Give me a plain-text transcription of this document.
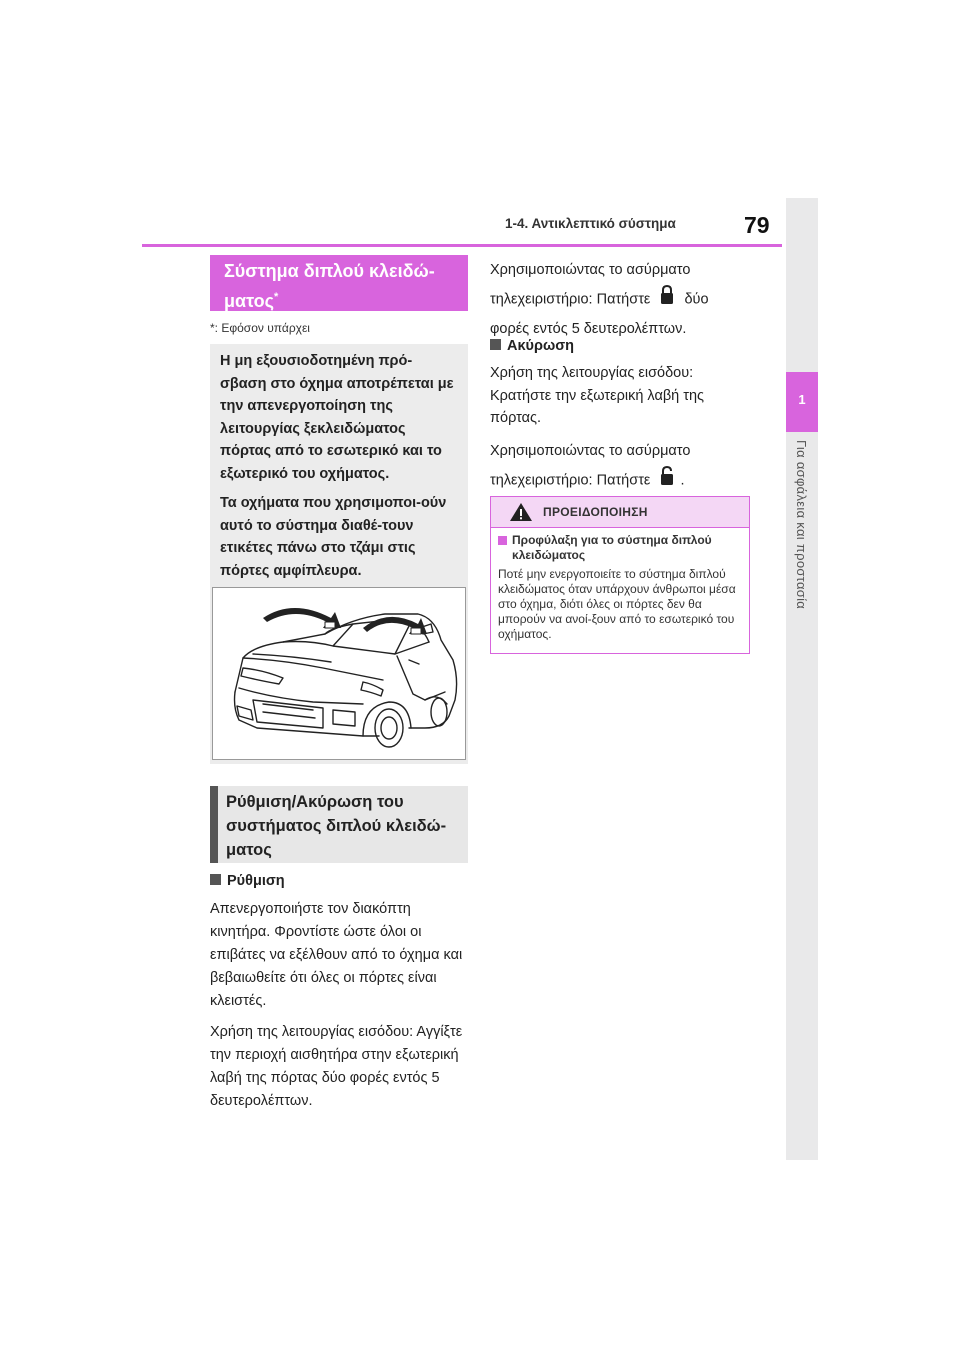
1-4. Αντικλεπτικό σύστημα	79
1
Για ασφάλεια και προστασία
Σύστημα διπλού κλειδώ-
ματος*
*: Εφόσον υπάρχει

Η μη εξουσιοδοτημένη πρό-σβαση στο όχημα αποτρέπεται με την απενεργοποίηση της λειτουργίας ξεκλειδώματος πόρτας από το εσωτερικό και το εξωτερικό του οχήματος.

Τα οχήματα που χρησιμοποι-ούν αυτό το σύστημα διαθέ-τουν ετικέτες πάνω στο τζάμι στις πόρτες αμφίπλευρα.

Ρύθμιση/Ακύρωση του συστήματος διπλού κλειδώ-ματος
Ρύθμιση

Απενεργοποιήστε τον διακόπτη κινητήρα. Φροντίστε ώστε όλοι οι επιβάτες να εξέλθουν από το όχημα και βεβαιωθείτε ότι όλες οι πόρτες είναι κλειστές.

Χρήση της λειτουργίας εισόδου: Αγγίξτε την περιοχή αισθητήρα στην εξωτερική λαβή της πόρτας δύο φορές εντός 5 δευτερολέπτων.

Χρησιμοποιώντας το ασύρματο τηλεχειριστήριο: Πατήστε δύο φορές εντός 5 δευτερολέπτων.
Ακύρωση

Χρήση της λειτουργίας εισόδου: Κρατήστε την εξωτερική λαβή της πόρτας.

Χρησιμοποιώντας το ασύρματο τηλεχειριστήριο: Πατήστε .

ΠΡΟΕΙΔΟΠΟΙΗΣΗ
Προφύλαξη για το σύστημα διπλού κλειδώματος
Ποτέ μην ενεργοποιείτε το σύστημα διπλού κλειδώματος όταν υπάρχουν άνθρωποι μέσα στο όχημα, διότι όλες οι πόρτες δεν θα μπορούν να ανοί-ξουν από το εσωτερικό του οχήματος.
